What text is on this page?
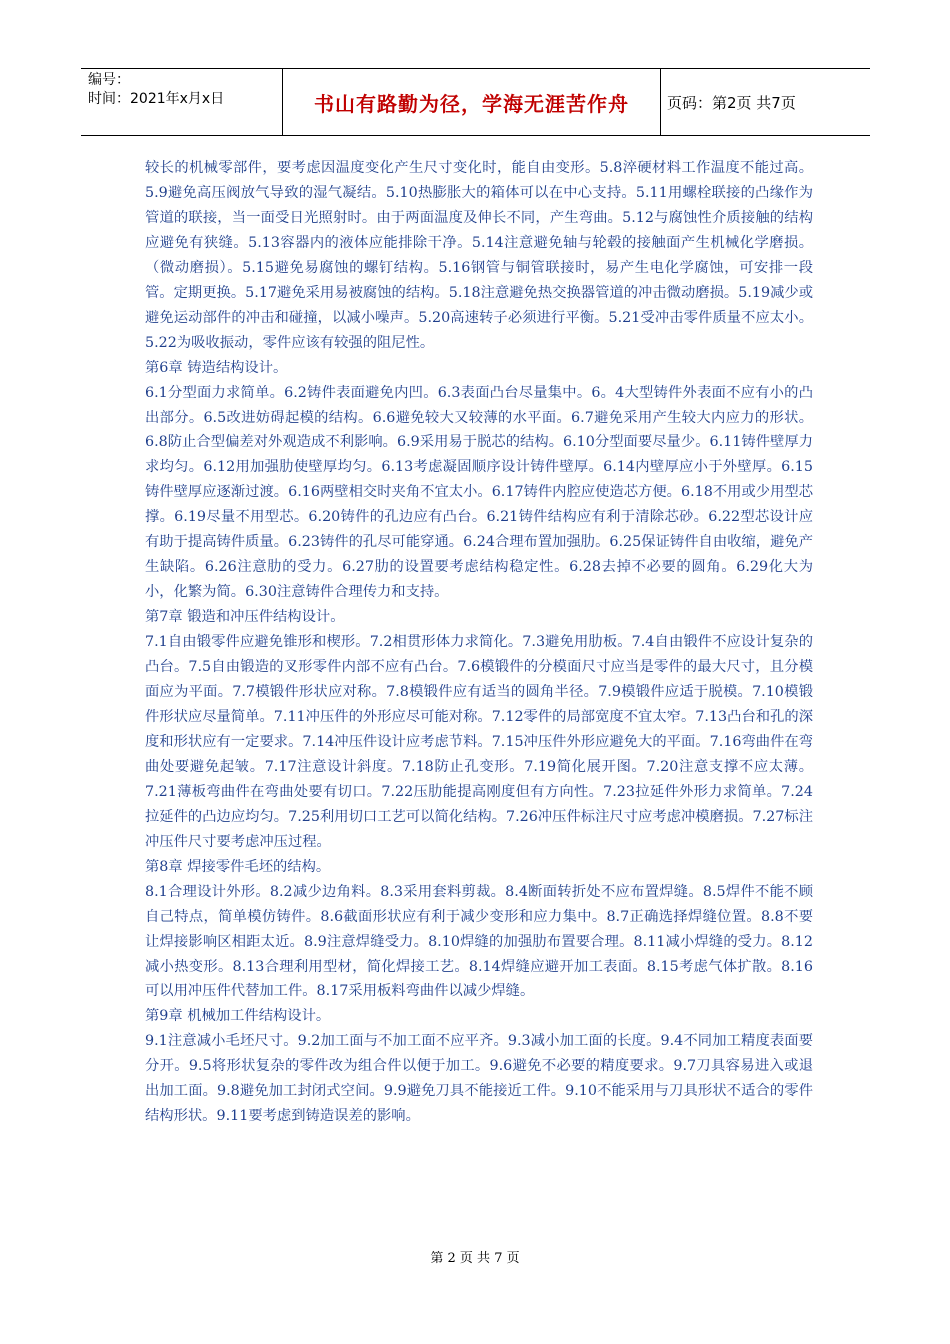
编号：
时间：2021年x月x日	书山有路勤为径，学海无涯苦作舟	页码：第2页 共7页

较长的机械零部件，要考虑因温度变化产生尺寸变化时，能自由变形。5.8淬硬材料工作温度不能过高。5.9避免高压阀放气导致的湿气凝结。5.10热膨胀大的箱体可以在中心支持。5.11用螺栓联接的凸缘作为管道的联接，当一面受日光照射时。由于两面温度及伸长不同，产生弯曲。5.12与腐蚀性介质接触的结构应避免有狭缝。5.13容器内的液体应能排除干净。5.14注意避免轴与轮毂的接触面产生机械化学磨损。（微动磨损）。5.15避免易腐蚀的螺钉结构。5.16钢管与铜管联接时，易产生电化学腐蚀，可安排一段管。定期更换。5.17避免采用易被腐蚀的结构。5.18注意避免热交换器管道的冲击微动磨损。5.19减少或避免运动部件的冲击和碰撞，以减小噪声。5.20高速转子必须进行平衡。5.21受冲击零件质量不应太小。5.22为吸收振动，零件应该有较强的阻尼性。

第6章 铸造结构设计。

6.1分型面力求简单。6.2铸件表面避免内凹。6.3表面凸台尽量集中。6。4大型铸件外表面不应有小的凸出部分。6.5改进妨碍起模的结构。6.6避免较大又较薄的水平面。6.7避免采用产生较大内应力的形状。6.8防止合型偏差对外观造成不利影响。6.9采用易于脱芯的结构。6.10分型面要尽量少。6.11铸件壁厚力求均匀。6.12用加强肋使壁厚均匀。6.13考虑凝固顺序设计铸件壁厚。6.14内壁厚应小于外壁厚。6.15铸件壁厚应逐渐过渡。6.16两壁相交时夹角不宜太小。6.17铸件内腔应使造芯方便。6.18不用或少用型芯撑。6.19尽量不用型芯。6.20铸件的孔边应有凸台。6.21铸件结构应有利于清除芯砂。6.22型芯设计应有助于提高铸件质量。6.23铸件的孔尽可能穿通。6.24合理布置加强肋。6.25保证铸件自由收缩，避免产生缺陷。6.26注意肋的受力。6.27肋的设置要考虑结构稳定性。6.28去掉不必要的圆角。6.29化大为小，化繁为简。6.30注意铸件合理传力和支持。

第7章 锻造和冲压件结构设计。

7.1自由锻零件应避免锥形和楔形。7.2相贯形体力求简化。7.3避免用肋板。7.4自由锻件不应设计复杂的凸台。7.5自由锻造的叉形零件内部不应有凸台。7.6模锻件的分模面尺寸应当是零件的最大尺寸，且分模面应为平面。7.7模锻件形状应对称。7.8模锻件应有适当的圆角半径。7.9模锻件应适于脱模。7.10模锻件形状应尽量简单。7.11冲压件的外形应尽可能对称。7.12零件的局部宽度不宜太窄。7.13凸台和孔的深度和形状应有一定要求。7.14冲压件设计应考虑节料。7.15冲压件外形应避免大的平面。7.16弯曲件在弯曲处要避免起皱。7.17注意设计斜度。7.18防止孔变形。7.19简化展开图。7.20注意支撑不应太薄。7.21薄板弯曲件在弯曲处要有切口。7.22压肋能提高刚度但有方向性。7.23拉延件外形力求简单。7.24拉延件的凸边应均匀。7.25利用切口工艺可以简化结构。7.26冲压件标注尺寸应考虑冲模磨损。7.27标注冲压件尺寸要考虑冲压过程。

第8章 焊接零件毛坯的结构。

8.1合理设计外形。8.2减少边角料。8.3采用套料剪裁。8.4断面转折处不应布置焊缝。8.5焊件不能不顾自己特点，简单模仿铸件。8.6截面形状应有利于减少变形和应力集中。8.7正确选择焊缝位置。8.8不要让焊接影响区相距太近。8.9注意焊缝受力。8.10焊缝的加强肋布置要合理。8.11减小焊缝的受力。8.12减小热变形。8.13合理利用型材，简化焊接工艺。8.14焊缝应避开加工表面。8.15考虑气体扩散。8.16可以用冲压件代替加工件。8.17采用板料弯曲件以减少焊缝。

第9章 机械加工件结构设计。

9.1注意减小毛坯尺寸。9.2加工面与不加工面不应平齐。9.3减小加工面的长度。9.4不同加工精度表面要分开。9.5将形状复杂的零件改为组合件以便于加工。9.6避免不必要的精度要求。9.7刀具容易进入或退出加工面。9.8避免加工封闭式空间。9.9避免刀具不能接近工件。9.10不能采用与刀具形状不适合的零件结构形状。9.11要考虑到铸造误差的影响。

第 2 页 共 7 页
